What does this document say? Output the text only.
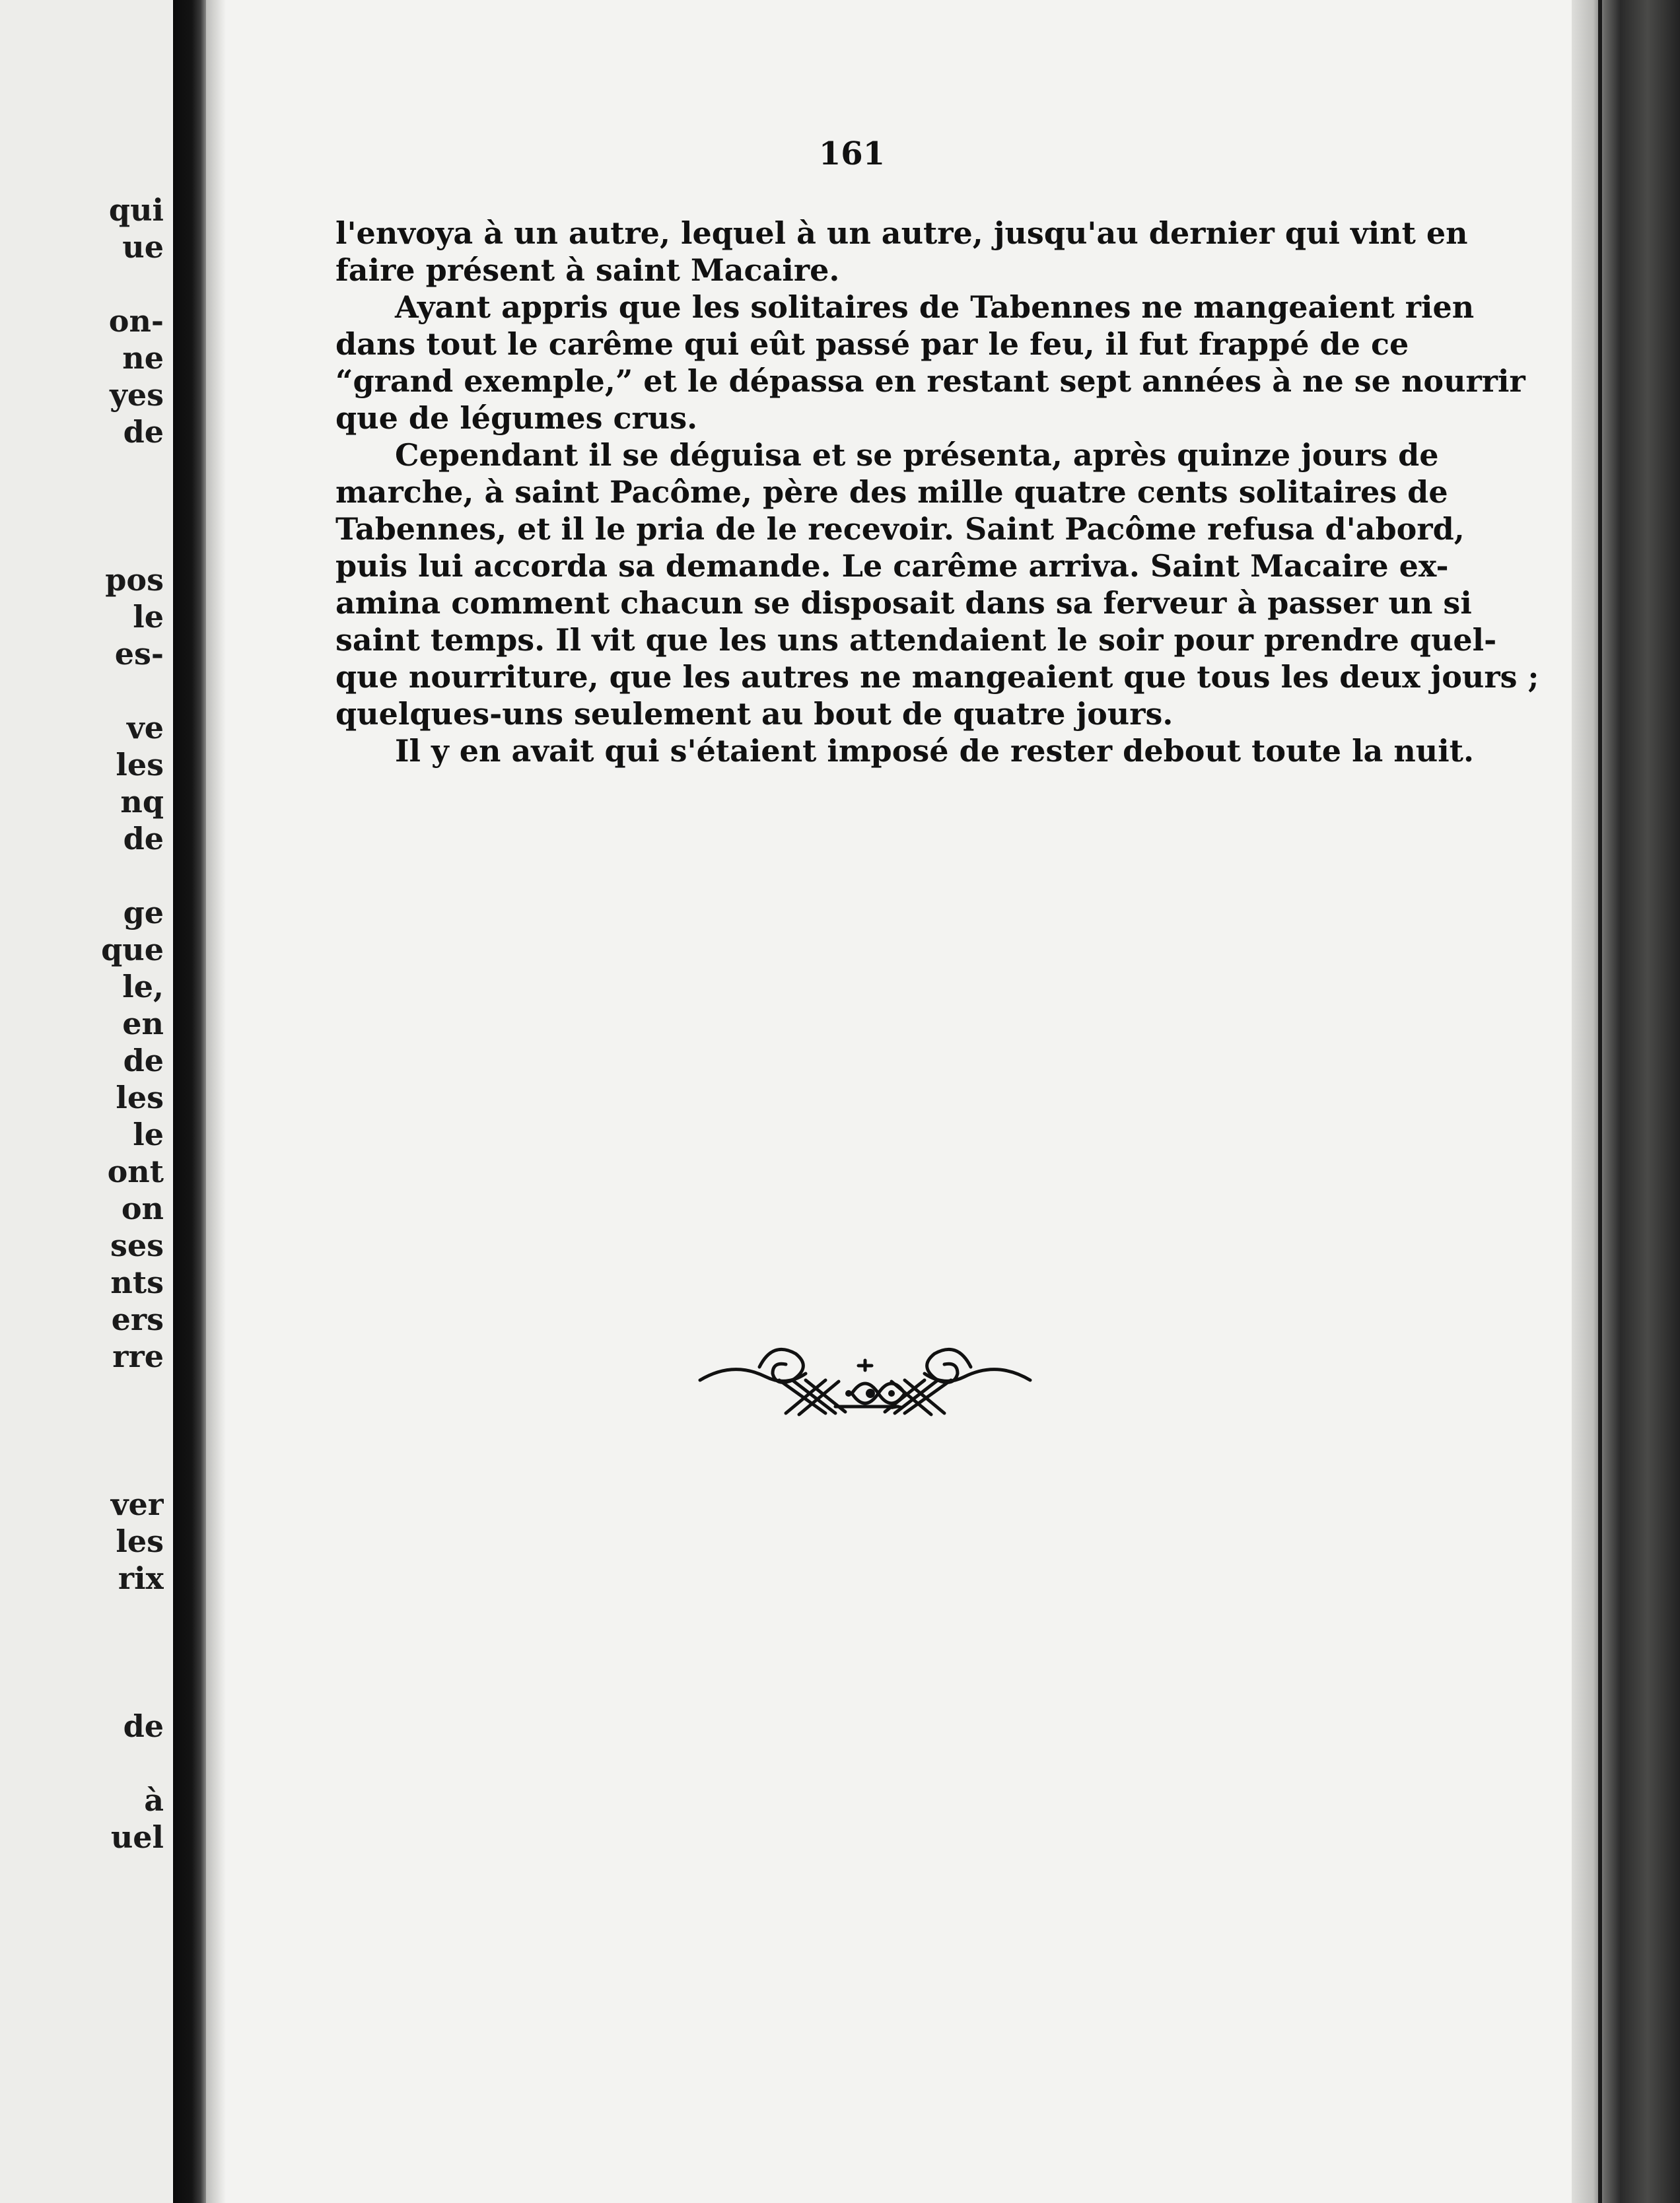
qui
ue
on-
ne
yes
de
pos
le
es-
ve
les
nq
de
ge
que
le,
en
de
les
le
ont
on
ses
nts
ers
rre
ver
les
rix
de
à
uel
161
l'envoya à un autre, lequel à un autre, jusqu'au dernier qui vint en
faire présent à saint Macaire.
Ayant appris que les solitaires de Tabennes ne mangeaient rien
dans tout le carême qui eût passé par le feu, il fut frappé de ce
“grand exemple,” et le dépassa en restant sept années à ne se nourrir
que de légumes crus.
Cependant il se déguisa et se présenta, après quinze jours de
marche, à saint Pacôme, père des mille quatre cents solitaires de
Tabennes, et il le pria de le recevoir. Saint Pacôme refusa d'abord,
puis lui accorda sa demande. Le carême arriva. Saint Macaire ex-
amina comment chacun se disposait dans sa ferveur à passer un si
saint temps. Il vit que les uns attendaient le soir pour prendre quel-
que nourriture, que les autres ne mangeaient que tous les deux jours ;
quelques-uns seulement au bout de quatre jours.
Il y en avait qui s'étaient imposé de rester debout toute la nuit.
